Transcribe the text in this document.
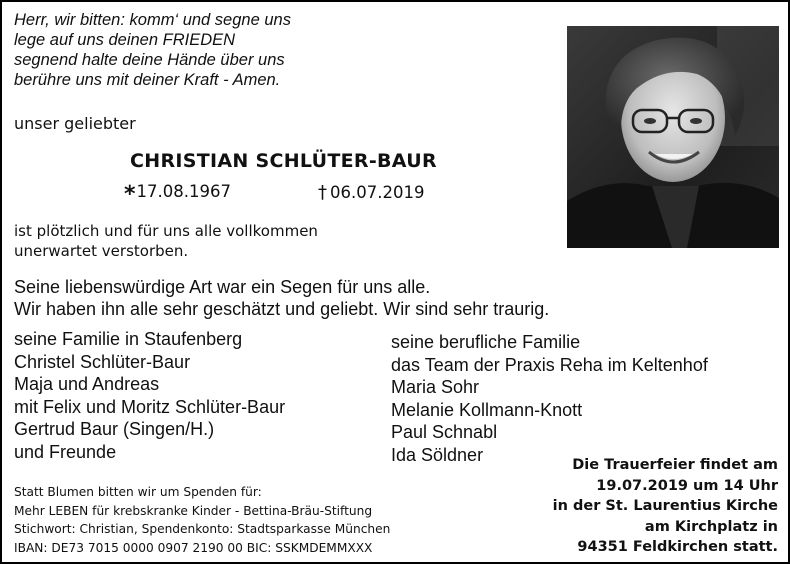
Herr, wir bitten: komm‘ und segne uns
lege auf uns deinen FRIEDEN
segnend halte deine Hände über uns
berühre uns mit deiner Kraft - Amen.
unser geliebter
CHRISTIAN SCHLÜTER-BAUR
*17.08.1967	† 06.07.2019
ist plötzlich und für uns alle vollkommen
unerwartet verstorben.
Seine liebenswürdige Art war ein Segen für uns alle.
Wir haben ihn alle sehr geschätzt und geliebt. Wir sind sehr traurig.
seine Familie in Staufenberg
Christel Schlüter-Baur
Maja und Andreas
mit Felix und Moritz Schlüter-Baur
Gertrud Baur (Singen/H.)
und Freunde
seine berufliche Familie
das Team der Praxis Reha im Keltenhof
Maria Sohr
Melanie Kollmann-Knott
Paul Schnabl
Ida Söldner
Statt Blumen bitten wir um Spenden für:
Mehr LEBEN für krebskranke Kinder - Bettina-Bräu-Stiftung
Stichwort: Christian, Spendenkonto: Stadtsparkasse München
IBAN: DE73 7015 0000 0907 2190 00 BIC: SSKMDEMMXXX
Die Trauerfeier findet am
19.07.2019 um 14 Uhr
in der St. Laurentius Kirche
am Kirchplatz in
94351 Feldkirchen statt.
